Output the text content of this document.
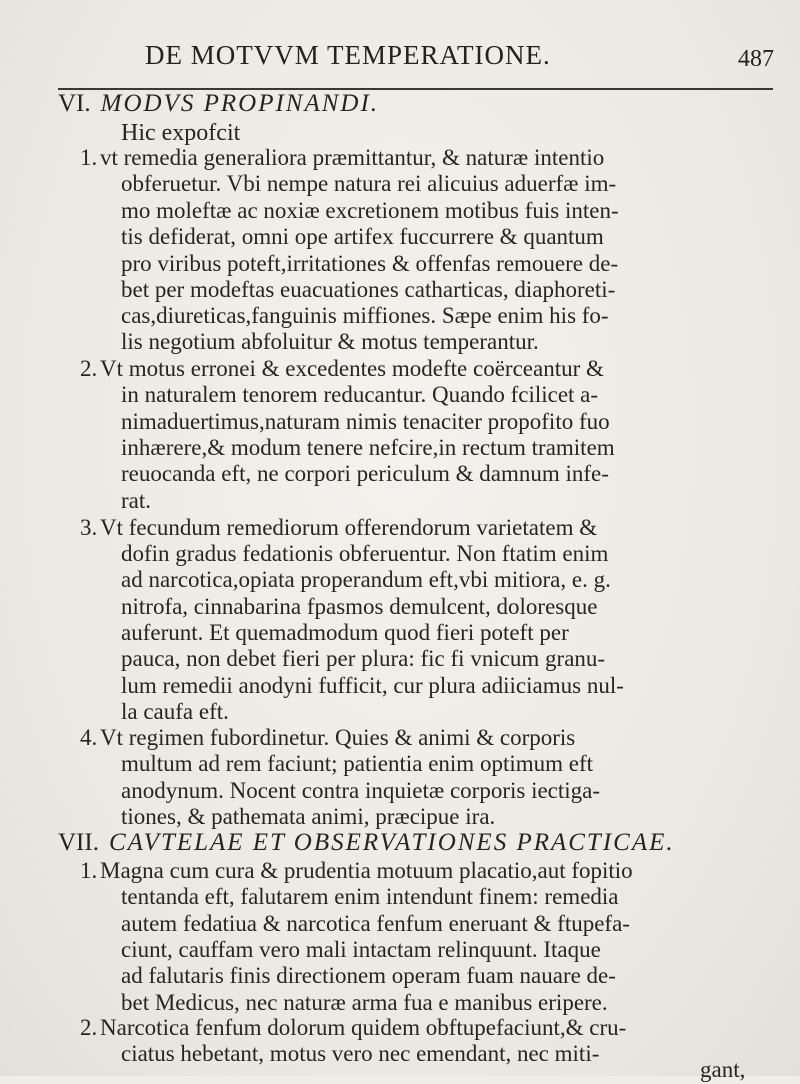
DE MOTVVM TEMPERATIONE.	487
VI. MODVS PROPINANDI.
Hic expofcit
1. vt remedia generaliora præmittantur, & naturæ intentio
obferuetur. Vbi nempe natura rei alicuius aduerfæ im-
mo moleftæ ac noxiæ excretionem motibus fuis inten-
tis defiderat, omni ope artifex fuccurrere & quantum
pro viribus poteft,irritationes & offenfas remouere de-
bet per modeftas euacuationes catharticas, diaphoreti-
cas,diureticas,fanguinis miffiones. Sæpe enim his fo-
lis negotium abfoluitur & motus temperantur.
2. Vt motus erronei & excedentes modefte coërceantur &
in naturalem tenorem reducantur. Quando fcilicet a-
nimaduertimus,naturam nimis tenaciter propofito fuo
inhærere,& modum tenere nefcire,in rectum tramitem
reuocanda eft, ne corpori periculum & damnum infe-
rat.
3. Vt fecundum remediorum offerendorum varietatem &
dofin gradus fedationis obferuentur. Non ftatim enim
ad narcotica,opiata properandum eft,vbi mitiora, e. g.
nitrofa, cinnabarina fpasmos demulcent, doloresque
auferunt. Et quemadmodum quod fieri poteft per
pauca, non debet fieri per plura: fic fi vnicum granu-
lum remedii anodyni fufficit, cur plura adiiciamus nul-
la caufa eft.
4. Vt regimen fubordinetur. Quies & animi & corporis
multum ad rem faciunt; patientia enim optimum eft
anodynum. Nocent contra inquietæ corporis iectiga-
tiones, & pathemata animi, præcipue ira.
VII. CAVTELAE ET OBSERVATIONES PRACTICAE.
1. Magna cum cura & prudentia motuum placatio,aut fopitio
tentanda eft, falutarem enim intendunt finem: remedia
autem fedatiua & narcotica fenfum eneruant & ftupefa-
ciunt, cauffam vero mali intactam relinquunt. Itaque
ad falutaris finis directionem operam fuam nauare de-
bet Medicus, nec naturæ arma fua e manibus eripere.
2. Narcotica fenfum dolorum quidem obftupefaciunt,& cru-
ciatus hebetant, motus vero nec emendant, nec miti-
gant,
